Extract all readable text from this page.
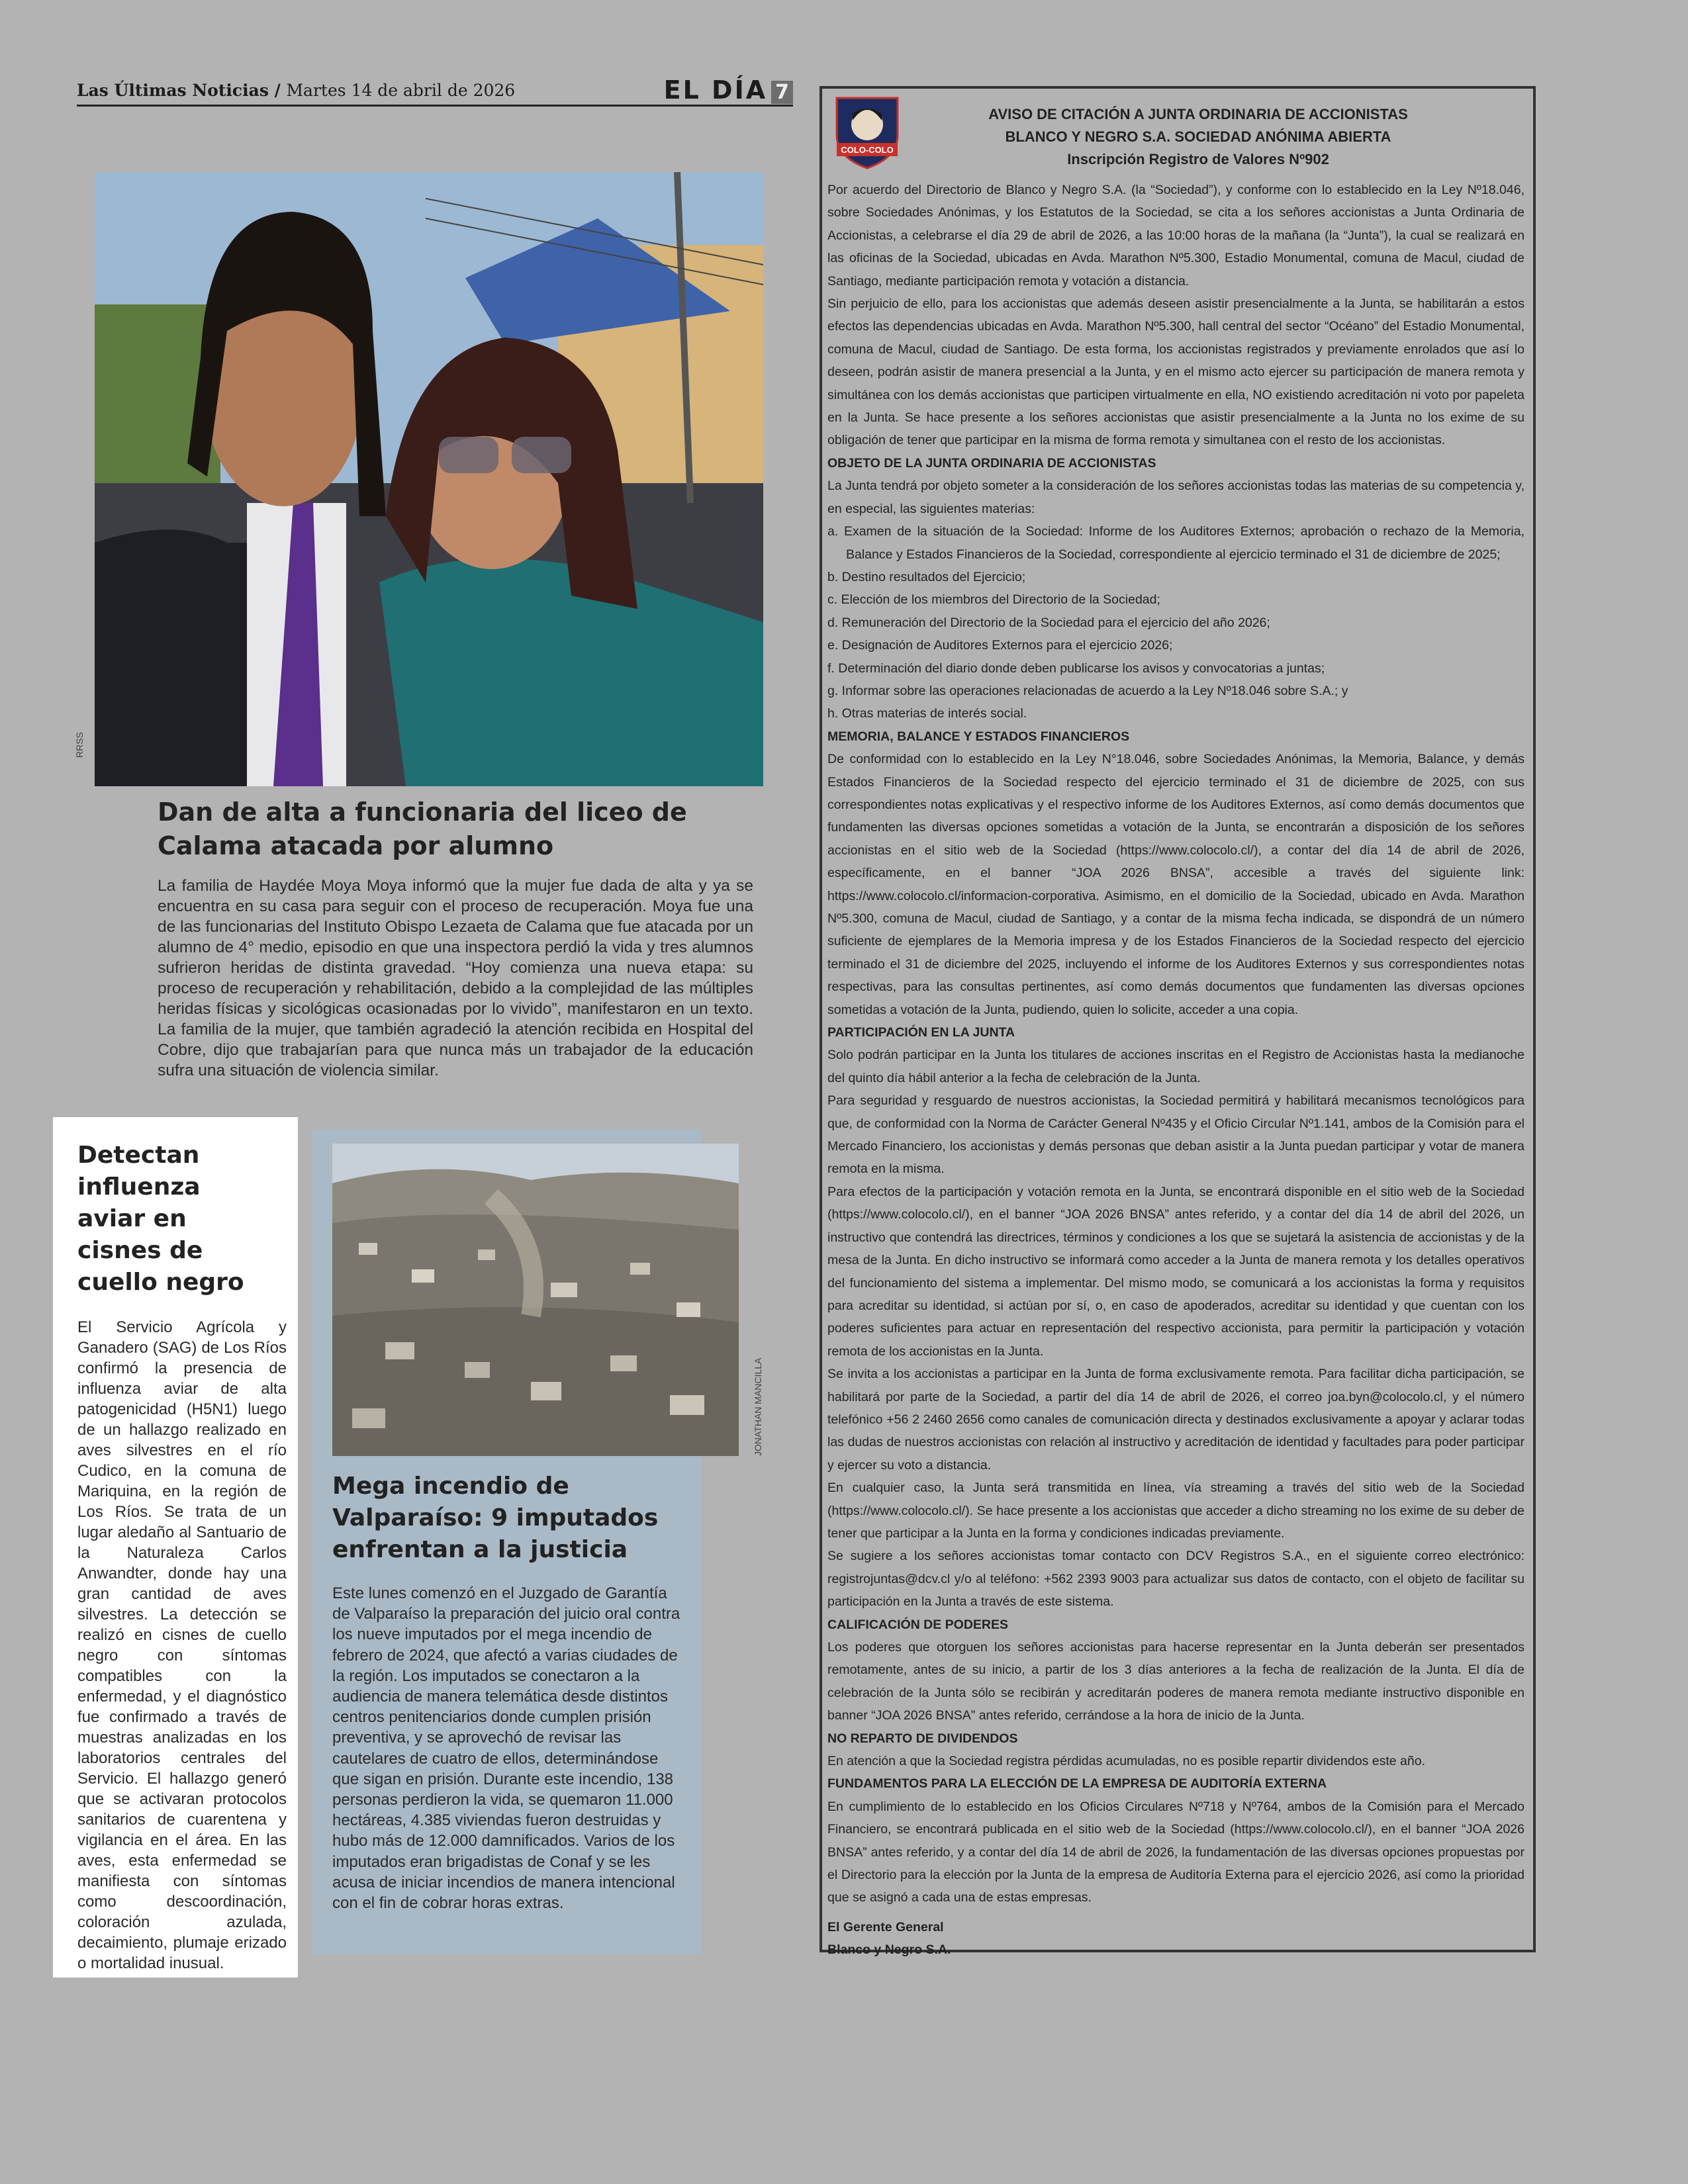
Las Últimas Noticias / Martes 14 de abril de 2026	EL DÍA 7
RRSS
Dan de alta a funcionaria del liceo de Calama atacada por alumno
La familia de Haydée Moya Moya informó que la mujer fue dada de alta y ya se encuentra en su casa para seguir con el proceso de recuperación. Moya fue una de las funcionarias del Instituto Obispo Lezaeta de Calama que fue atacada por un alumno de 4° medio, episodio en que una inspectora perdió la vida y tres alumnos sufrieron heridas de distinta gravedad. “Hoy comienza una nueva etapa: su proceso de recuperación y rehabilitación, debido a la complejidad de las múltiples heridas físicas y sicológicas ocasionadas por lo vivido”, manifestaron en un texto. La familia de la mujer, que también agradeció la atención recibida en Hospital del Cobre, dijo que trabajarían para que nunca más un trabajador de la educación sufra una situación de violencia similar.
Detectan influenza aviar en cisnes de cuello negro
El Servicio Agrícola y Ganadero (SAG) de Los Ríos confirmó la presencia de influenza aviar de alta patogenicidad (H5N1) luego de un hallazgo realizado en aves silvestres en el río Cudico, en la comuna de Mariquina, en la región de Los Ríos. Se trata de un lugar aledaño al Santuario de la Naturaleza Carlos Anwandter, donde hay una gran cantidad de aves silvestres. La detección se realizó en cisnes de cuello negro con síntomas compatibles con la enfermedad, y el diagnóstico fue confirmado a través de muestras analizadas en los laboratorios centrales del Servicio. El hallazgo generó que se activaran protocolos sanitarios de cuarentena y vigilancia en el área. En las aves, esta enfermedad se manifiesta con síntomas como descoordinación, coloración azulada, decaimiento, plumaje erizado o mortalidad inusual.
JONATHAN MANCILLA
Mega incendio de Valparaíso: 9 imputados enfrentan a la justicia
Este lunes comenzó en el Juzgado de Garantía de Valparaíso la preparación del juicio oral contra los nueve imputados por el mega incendio de febrero de 2024, que afectó a varias ciudades de la región. Los imputados se conectaron a la audiencia de manera telemática desde distintos centros penitenciarios donde cumplen prisión preventiva, y se aprovechó de revisar las cautelares de cuatro de ellos, determinándose que sigan en prisión. Durante este incendio, 138 personas perdieron la vida, se quemaron 11.000 hectáreas, 4.385 viviendas fueron destruidas y hubo más de 12.000 damnificados. Varios de los imputados eran brigadistas de Conaf y se les acusa de iniciar incendios de manera intencional con el fin de cobrar horas extras.
COLO-COLO
AVISO DE CITACIÓN A JUNTA ORDINARIA DE ACCIONISTAS
BLANCO Y NEGRO S.A. SOCIEDAD ANÓNIMA ABIERTA
Inscripción Registro de Valores Nº902

Por acuerdo del Directorio de Blanco y Negro S.A. (la “Sociedad”), y conforme con lo establecido en la Ley Nº18.046, sobre Sociedades Anónimas, y los Estatutos de la Sociedad, se cita a los señores accionistas a Junta Ordinaria de Accionistas, a celebrarse el día 29 de abril de 2026, a las 10:00 horas de la mañana (la “Junta”), la cual se realizará en las oficinas de la Sociedad, ubicadas en Avda. Marathon Nº5.300, Estadio Monumental, comuna de Macul, ciudad de Santiago, mediante participación remota y votación a distancia.

Sin perjuicio de ello, para los accionistas que además deseen asistir presencialmente a la Junta, se habilitarán a estos efectos las dependencias ubicadas en Avda. Marathon Nº5.300, hall central del sector “Océano” del Estadio Monumental, comuna de Macul, ciudad de Santiago. De esta forma, los accionistas registrados y previamente enrolados que así lo deseen, podrán asistir de manera presencial a la Junta, y en el mismo acto ejercer su participación de manera remota y simultánea con los demás accionistas que participen virtualmente en ella, NO existiendo acreditación ni voto por papeleta en la Junta. Se hace presente a los señores accionistas que asistir presencialmente a la Junta no los exime de su obligación de tener que participar en la misma de forma remota y simultanea con el resto de los accionistas.

OBJETO DE LA JUNTA ORDINARIA DE ACCIONISTAS

La Junta tendrá por objeto someter a la consideración de los señores accionistas todas las materias de su competencia y, en especial, las siguientes materias:

a. Examen de la situación de la Sociedad: Informe de los Auditores Externos; aprobación o rechazo de la Memoria, Balance y Estados Financieros de la Sociedad, correspondiente al ejercicio terminado el 31 de diciembre de 2025;

b. Destino resultados del Ejercicio;

c. Elección de los miembros del Directorio de la Sociedad;

d. Remuneración del Directorio de la Sociedad para el ejercicio del año 2026;

e. Designación de Auditores Externos para el ejercicio 2026;

f. Determinación del diario donde deben publicarse los avisos y convocatorias a juntas;

g. Informar sobre las operaciones relacionadas de acuerdo a la Ley Nº18.046 sobre S.A.; y

h. Otras materias de interés social.

MEMORIA, BALANCE Y ESTADOS FINANCIEROS

De conformidad con lo establecido en la Ley N°18.046, sobre Sociedades Anónimas, la Memoria, Balance, y demás Estados Financieros de la Sociedad respecto del ejercicio terminado el 31 de diciembre de 2025, con sus correspondientes notas explicativas y el respectivo informe de los Auditores Externos, así como demás documentos que fundamenten las diversas opciones sometidas a votación de la Junta, se encontrarán a disposición de los señores accionistas en el sitio web de la Sociedad (https://www.colocolo.cl/), a contar del día 14 de abril de 2026, específicamente, en el banner “JOA 2026 BNSA”, accesible a través del siguiente link: https://www.colocolo.cl/informacion-corporativa. Asimismo, en el domicilio de la Sociedad, ubicado en Avda. Marathon Nº5.300, comuna de Macul, ciudad de Santiago, y a contar de la misma fecha indicada, se dispondrá de un número suficiente de ejemplares de la Memoria impresa y de los Estados Financieros de la Sociedad respecto del ejercicio terminado el 31 de diciembre del 2025, incluyendo el informe de los Auditores Externos y sus correspondientes notas respectivas, para las consultas pertinentes, así como demás documentos que fundamenten las diversas opciones sometidas a votación de la Junta, pudiendo, quien lo solicite, acceder a una copia.

PARTICIPACIÓN EN LA JUNTA

Solo podrán participar en la Junta los titulares de acciones inscritas en el Registro de Accionistas hasta la medianoche del quinto día hábil anterior a la fecha de celebración de la Junta.

Para seguridad y resguardo de nuestros accionistas, la Sociedad permitirá y habilitará mecanismos tecnológicos para que, de conformidad con la Norma de Carácter General Nº435 y el Oficio Circular Nº1.141, ambos de la Comisión para el Mercado Financiero, los accionistas y demás personas que deban asistir a la Junta puedan participar y votar de manera remota en la misma.

Para efectos de la participación y votación remota en la Junta, se encontrará disponible en el sitio web de la Sociedad (https://www.colocolo.cl/), en el banner “JOA 2026 BNSA” antes referido, y a contar del día 14 de abril del 2026, un instructivo que contendrá las directrices, términos y condiciones a los que se sujetará la asistencia de accionistas y de la mesa de la Junta. En dicho instructivo se informará como acceder a la Junta de manera remota y los detalles operativos del funcionamiento del sistema a implementar. Del mismo modo, se comunicará a los accionistas la forma y requisitos para acreditar su identidad, si actúan por sí, o, en caso de apoderados, acreditar su identidad y que cuentan con los poderes suficientes para actuar en representación del respectivo accionista, para permitir la participación y votación remota de los accionistas en la Junta.

Se invita a los accionistas a participar en la Junta de forma exclusivamente remota. Para facilitar dicha participación, se habilitará por parte de la Sociedad, a partir del día 14 de abril de 2026, el correo joa.byn@colocolo.cl, y el número telefónico +56 2 2460 2656 como canales de comunicación directa y destinados exclusivamente a apoyar y aclarar todas las dudas de nuestros accionistas con relación al instructivo y acreditación de identidad y facultades para poder participar y ejercer su voto a distancia.

En cualquier caso, la Junta será transmitida en línea, vía streaming a través del sitio web de la Sociedad (https://www.colocolo.cl/). Se hace presente a los accionistas que acceder a dicho streaming no los exime de su deber de tener que participar a la Junta en la forma y condiciones indicadas previamente.

Se sugiere a los señores accionistas tomar contacto con DCV Registros S.A., en el siguiente correo electrónico: registrojuntas@dcv.cl y/o al teléfono: +562 2393 9003 para actualizar sus datos de contacto, con el objeto de facilitar su participación en la Junta a través de este sistema.

CALIFICACIÓN DE PODERES

Los poderes que otorguen los señores accionistas para hacerse representar en la Junta deberán ser presentados remotamente, antes de su inicio, a partir de los 3 días anteriores a la fecha de realización de la Junta. El día de celebración de la Junta sólo se recibirán y acreditarán poderes de manera remota mediante instructivo disponible en banner “JOA 2026 BNSA” antes referido, cerrándose a la hora de inicio de la Junta.

NO REPARTO DE DIVIDENDOS

En atención a que la Sociedad registra pérdidas acumuladas, no es posible repartir dividendos este año.

FUNDAMENTOS PARA LA ELECCIÓN DE LA EMPRESA DE AUDITORÍA EXTERNA

En cumplimiento de lo establecido en los Oficios Circulares Nº718 y Nº764, ambos de la Comisión para el Mercado Financiero, se encontrará publicada en el sitio web de la Sociedad (https://www.colocolo.cl/), en el banner “JOA 2026 BNSA” antes referido, y a contar del día 14 de abril de 2026, la fundamentación de las diversas opciones propuestas por el Directorio para la elección por la Junta de la empresa de Auditoría Externa para el ejercicio 2026, así como la prioridad que se asignó a cada una de estas empresas.

El Gerente General

Blanco y Negro S.A.
